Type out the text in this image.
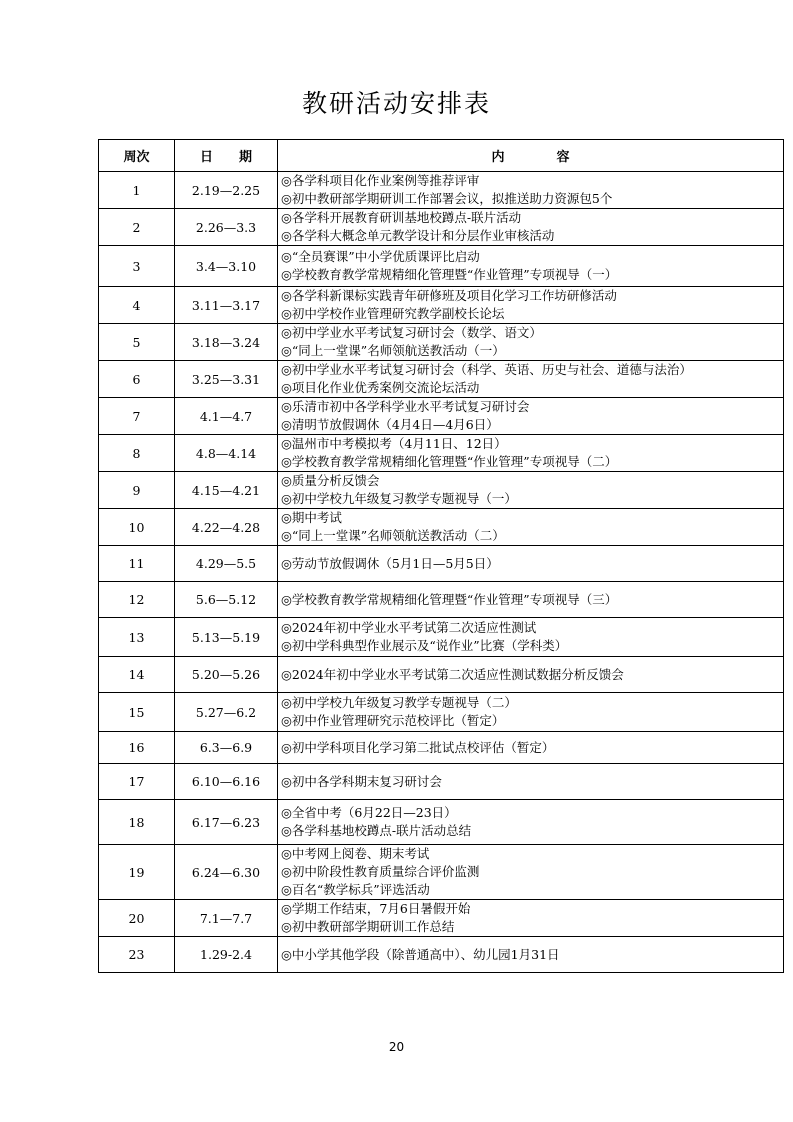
教研活动安排表
周次	日　　期	内　　　　容
1	2.19—2.25	◎各学科项目化作业案例等推荐评审
◎初中教研部学期研训工作部署会议，拟推送助力资源包5个

2	2.26—3.3	◎各学科开展教育研训基地校蹲点-联片活动
◎各学科大概念单元教学设计和分层作业审核活动

3	3.4—3.10	◎“全员赛课”中小学优质课评比启动
◎学校教育教学常规精细化管理暨“作业管理”专项视导（一）

4	3.11—3.17	◎各学科新课标实践青年研修班及项目化学习工作坊研修活动
◎初中学校作业管理研究教学副校长论坛

5	3.18—3.24	◎初中学业水平考试复习研讨会（数学、语文）
◎“同上一堂课”名师领航送教活动（一）

6	3.25—3.31	◎初中学业水平考试复习研讨会（科学、英语、历史与社会、道德与法治）
◎项目化作业优秀案例交流论坛活动

7	4.1—4.7	◎乐清市初中各学科学业水平考试复习研讨会
◎清明节放假调休（4月4日—4月6日）

8	4.8—4.14	◎温州市中考模拟考（4月11日、12日）
◎学校教育教学常规精细化管理暨“作业管理”专项视导（二）

9	4.15—4.21	◎质量分析反馈会
◎初中学校九年级复习教学专题视导（一）

10	4.22—4.28	◎期中考试
◎“同上一堂课”名师领航送教活动（二）

11	4.29—5.5	◎劳动节放假调休（5月1日—5月5日）

12	5.6—5.12	◎学校教育教学常规精细化管理暨“作业管理”专项视导（三）

13	5.13—5.19	◎2024年初中学业水平考试第二次适应性测试
◎初中学科典型作业展示及“说作业”比赛（学科类）

14	5.20—5.26	◎2024年初中学业水平考试第二次适应性测试数据分析反馈会

15	5.27—6.2	◎初中学校九年级复习教学专题视导（二）
◎初中作业管理研究示范校评比（暂定）

16	6.3—6.9	◎初中学科项目化学习第二批试点校评估（暂定）

17	6.10—6.16	◎初中各学科期末复习研讨会

18	6.17—6.23	◎全省中考（6月22日—23日）
◎各学科基地校蹲点-联片活动总结

19	6.24—6.30	◎中考网上阅卷、期末考试
◎初中阶段性教育质量综合评价监测
◎百名“教学标兵”评选活动

20	7.1—7.7	◎学期工作结束，7月6日暑假开始
◎初中教研部学期研训工作总结

23	1.29-2.4	◎中小学其他学段（除普通高中）、幼儿园1月31日
20
